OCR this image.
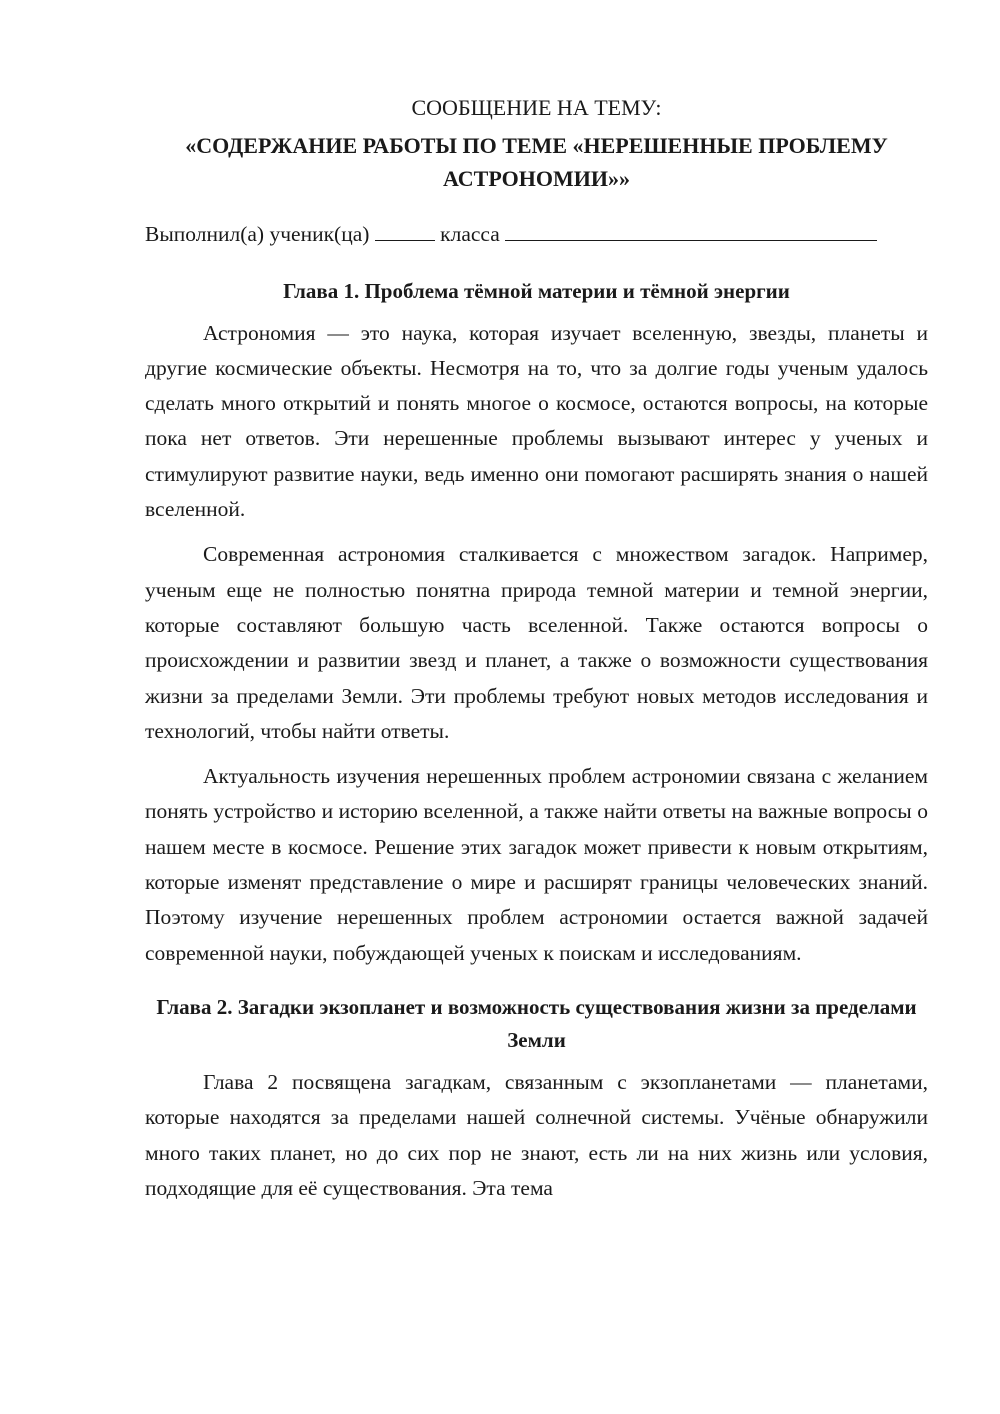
СООБЩЕНИЕ НА ТЕМУ:
«СОДЕРЖАНИЕ РАБОТЫ ПО ТЕМЕ «НЕРЕШЕННЫЕ ПРОБЛЕМУ АСТРОНОМИИ»»
Выполнил(а) ученик(ца)	класса
Глава 1. Проблема тёмной материи и тёмной энергии

Астрономия — это наука, которая изучает вселенную, звезды, планеты и другие космические объекты. Несмотря на то, что за долгие годы ученым удалось сделать много открытий и понять многое о космосе, остаются вопросы, на которые пока нет ответов. Эти нерешенные проблемы вызывают интерес у ученых и стимулируют развитие науки, ведь именно они помогают расширять знания о нашей вселенной.

Современная астрономия сталкивается с множеством загадок. Например, ученым еще не полностью понятна природа темной материи и темной энергии, которые составляют большую часть вселенной. Также остаются вопросы о происхождении и развитии звезд и планет, а также о возможности существования жизни за пределами Земли. Эти проблемы требуют новых методов исследования и технологий, чтобы найти ответы.

Актуальность изучения нерешенных проблем астрономии связана с желанием понять устройство и историю вселенной, а также найти ответы на важные вопросы о нашем месте в космосе. Решение этих загадок может привести к новым открытиям, которые изменят представление о мире и расширят границы человеческих знаний. Поэтому изучение нерешенных проблем астрономии остается важной задачей современной науки, побуждающей ученых к поискам и исследованиям.

Глава 2. Загадки экзопланет и возможность существования жизни за пределами Земли

Глава 2 посвящена загадкам, связанным с экзопланетами — планетами, которые находятся за пределами нашей солнечной системы. Учёные обнаружили много таких планет, но до сих пор не знают, есть ли на них жизнь или условия, подходящие для её существования. Эта тема
